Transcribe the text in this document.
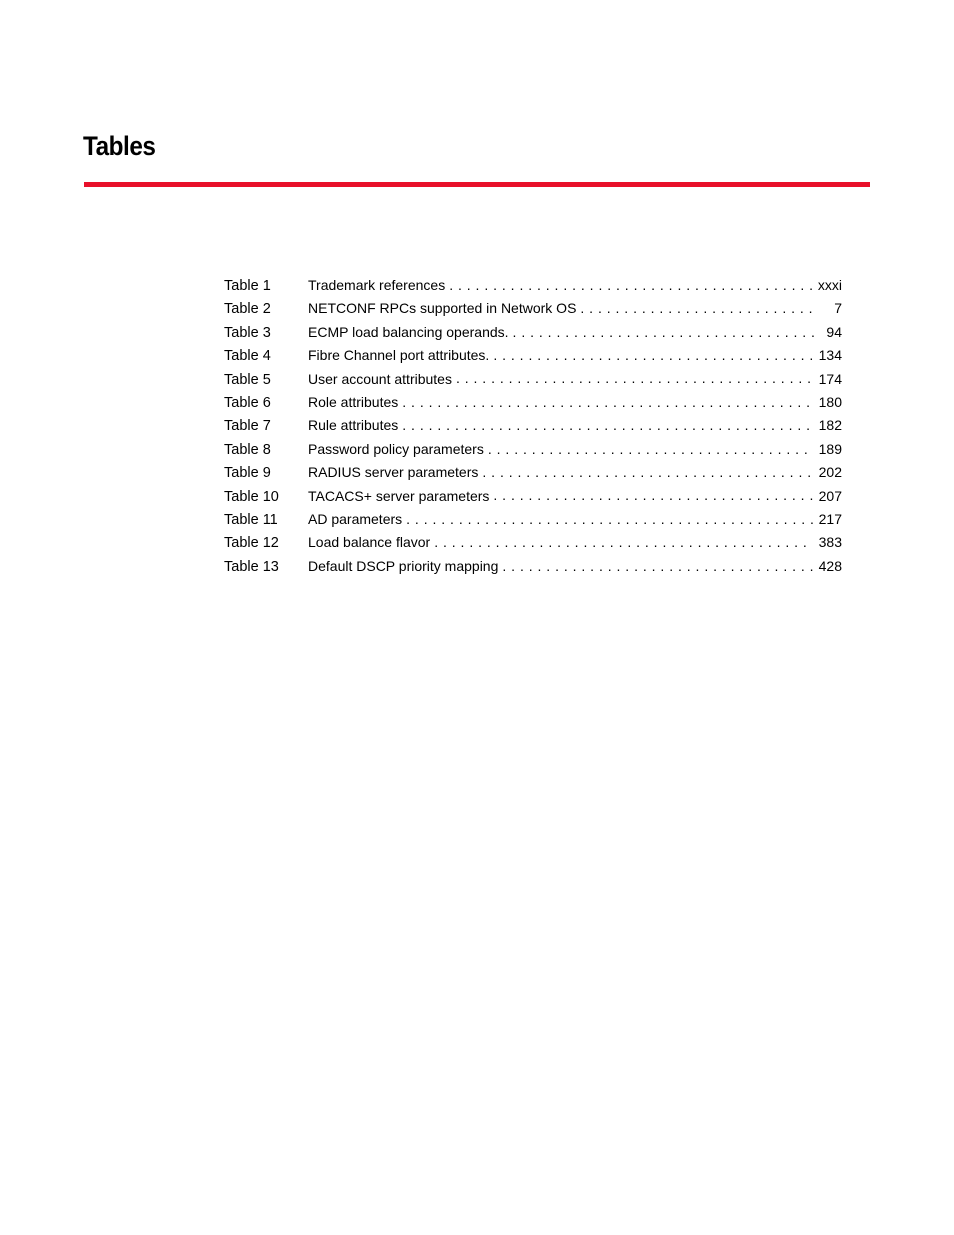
Tables
Table 1	Trademark references . . .	xxxi
Table 2	NETCONF RPCs supported in Network OS . . .	7
Table 3	ECMP load balancing operands. . . .	94
Table 4	Fibre Channel port attributes. . . .	134
Table 5	User account attributes . . .	174
Table 6	Role attributes . . .	180
Table 7	Rule attributes . . .	182
Table 8	Password policy parameters . . .	189
Table 9	RADIUS server parameters . . .	202
Table 10	TACACS+ server parameters . . .	207
Table 11	AD parameters . . .	217
Table 12	Load balance flavor . . .	383
Table 13	Default DSCP priority mapping . . .	428
